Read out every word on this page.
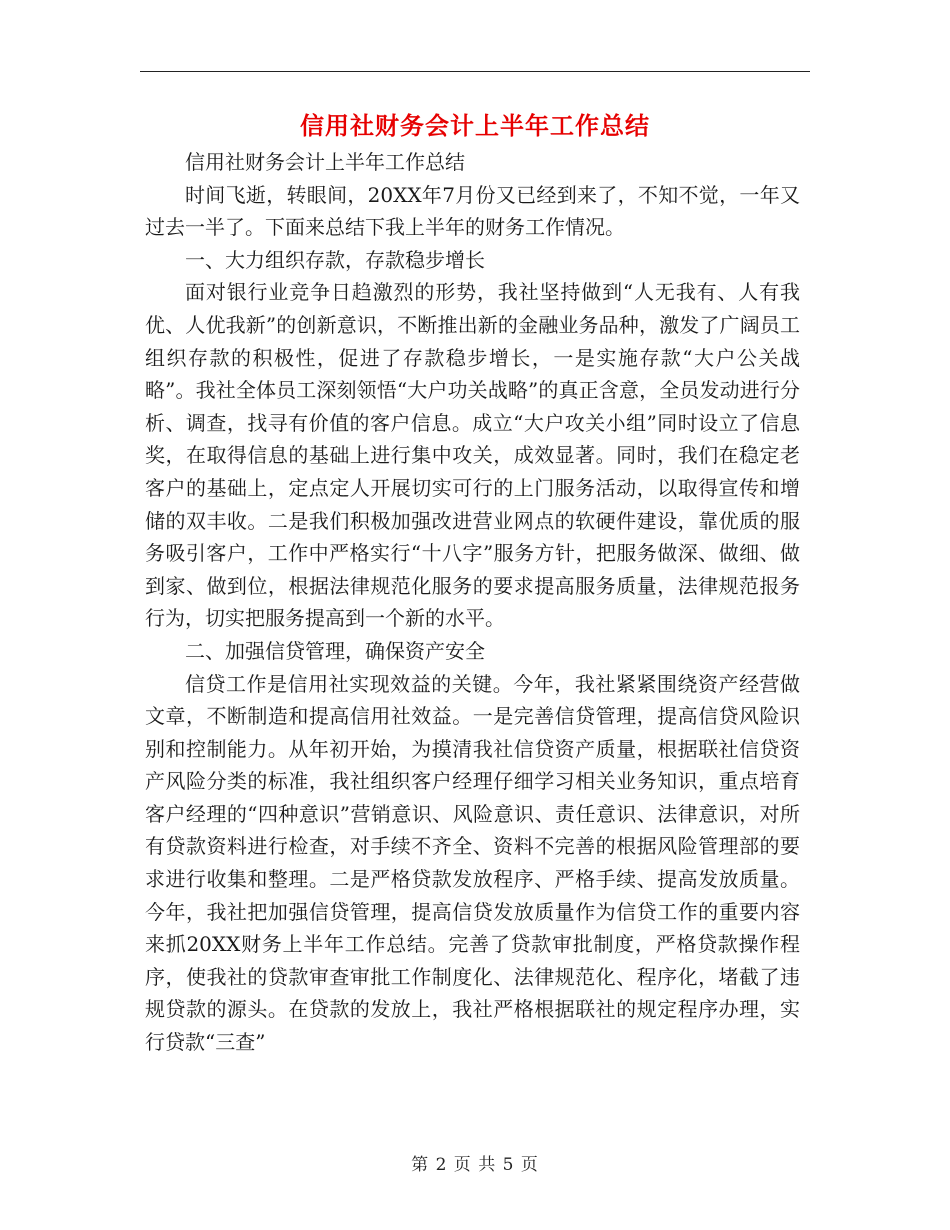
信用社财务会计上半年工作总结

信用社财务会计上半年工作总结

时间飞逝，转眼间，20XX年7月份又已经到来了，不知不觉，一年又过去一半了。下面来总结下我上半年的财务工作情况。

一、大力组织存款，存款稳步增长

面对银行业竞争日趋激烈的形势，我社坚持做到“人无我有、人有我优、人优我新”的创新意识，不断推出新的金融业务品种，激发了广阔员工组织存款的积极性，促进了存款稳步增长，一是实施存款“大户公关战略”。我社全体员工深刻领悟“大户功关战略”的真正含意，全员发动进行分析、调查，找寻有价值的客户信息。成立“大户攻关小组”同时设立了信息奖，在取得信息的基础上进行集中攻关，成效显著。同时，我们在稳定老客户的基础上，定点定人开展切实可行的上门服务活动，以取得宣传和增储的双丰收。二是我们积极加强改进营业网点的软硬件建设，靠优质的服务吸引客户，工作中严格实行“十八字”服务方针，把服务做深、做细、做到家、做到位，根据法律规范化服务的要求提高服务质量，法律规范报务行为，切实把服务提高到一个新的水平。

二、加强信贷管理，确保资产安全

信贷工作是信用社实现效益的关键。今年，我社紧紧围绕资产经营做文章，不断制造和提高信用社效益。一是完善信贷管理，提高信贷风险识别和控制能力。从年初开始，为摸清我社信贷资产质量，根据联社信贷资产风险分类的标准，我社组织客户经理仔细学习相关业务知识，重点培育客户经理的“四种意识”营销意识、风险意识、责任意识、法律意识，对所有贷款资料进行检查，对手续不齐全、资料不完善的根据风险管理部的要求进行收集和整理。二是严格贷款发放程序、严格手续、提高发放质量。今年，我社把加强信贷管理，提高信贷发放质量作为信贷工作的重要内容来抓20XX财务上半年工作总结。完善了贷款审批制度，严格贷款操作程序，使我社的贷款审查审批工作制度化、法律规范化、程序化，堵截了违规贷款的源头。在贷款的发放上，我社严格根据联社的规定程序办理，实行贷款“三查”

第 2 页 共 5 页
